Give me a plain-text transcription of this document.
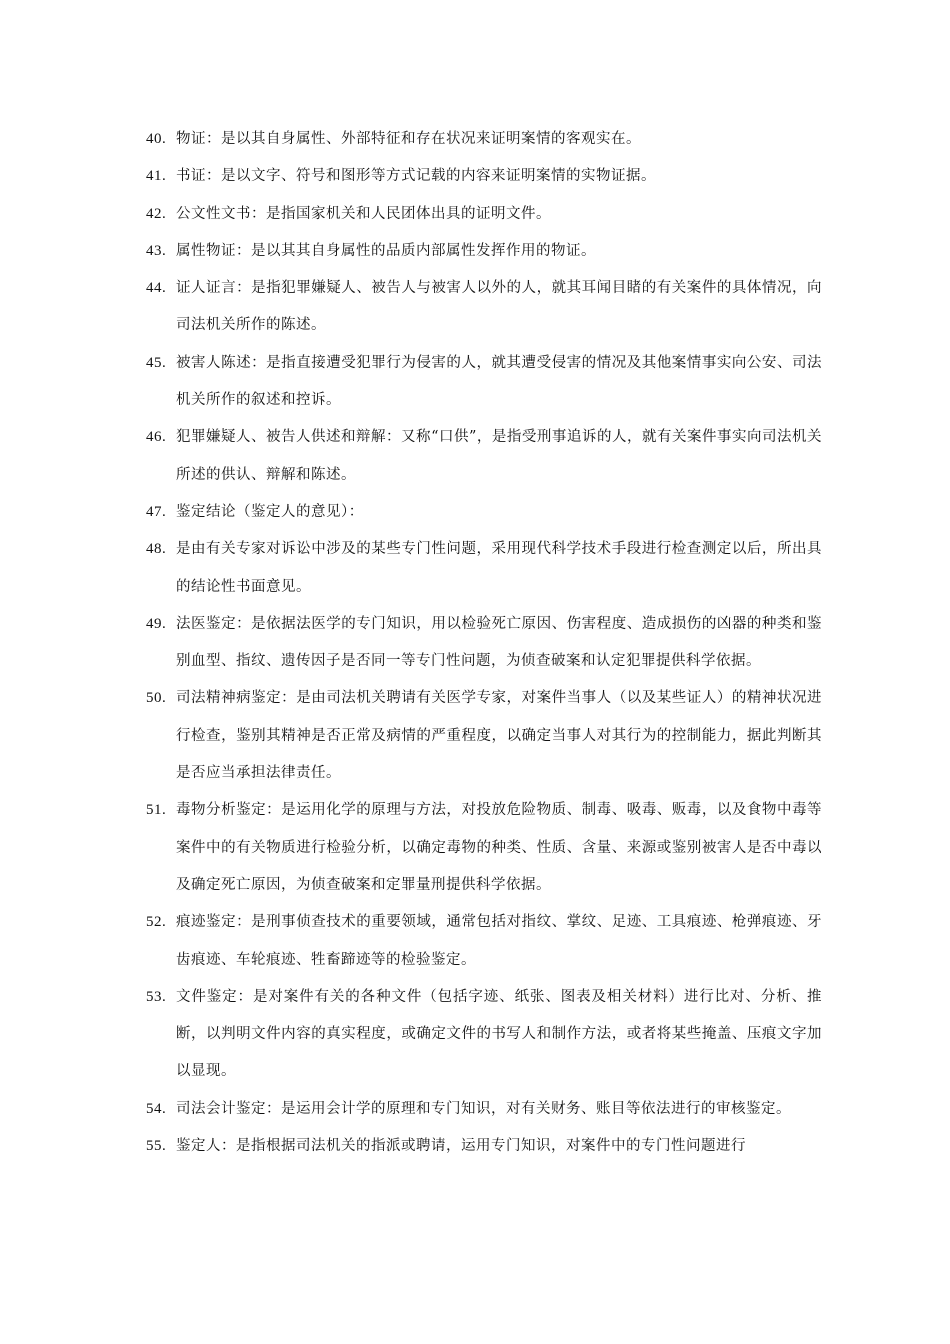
40. 物证：是以其自身属性、外部特征和存在状况来证明案情的客观实在。
41. 书证：是以文字、符号和图形等方式记载的内容来证明案情的实物证据。
42. 公文性文书：是指国家机关和人民团体出具的证明文件。
43. 属性物证：是以其其自身属性的品质内部属性发挥作用的物证。
44. 证人证言：是指犯罪嫌疑人、被告人与被害人以外的人，就其耳闻目睹的有关案件的具体情况，向司法机关所作的陈述。
45. 被害人陈述：是指直接遭受犯罪行为侵害的人，就其遭受侵害的情况及其他案情事实向公安、司法机关所作的叙述和控诉。
46. 犯罪嫌疑人、被告人供述和辩解：又称“口供”，是指受刑事追诉的人，就有关案件事实向司法机关所述的供认、辩解和陈述。
47. 鉴定结论（鉴定人的意见）：
48. 是由有关专家对诉讼中涉及的某些专门性问题，采用现代科学技术手段进行检查测定以后，所出具的结论性书面意见。
49. 法医鉴定：是依据法医学的专门知识，用以检验死亡原因、伤害程度、造成损伤的凶器的种类和鉴别血型、指纹、遗传因子是否同一等专门性问题，为侦查破案和认定犯罪提供科学依据。
50. 司法精神病鉴定：是由司法机关聘请有关医学专家，对案件当事人（以及某些证人）的精神状况进行检查，鉴别其精神是否正常及病情的严重程度，以确定当事人对其行为的控制能力，据此判断其是否应当承担法律责任。
51. 毒物分析鉴定：是运用化学的原理与方法，对投放危险物质、制毒、吸毒、贩毒，以及食物中毒等案件中的有关物质进行检验分析，以确定毒物的种类、性质、含量、来源或鉴别被害人是否中毒以及确定死亡原因，为侦查破案和定罪量刑提供科学依据。
52. 痕迹鉴定：是刑事侦查技术的重要领域，通常包括对指纹、掌纹、足迹、工具痕迹、枪弹痕迹、牙齿痕迹、车轮痕迹、牲畜蹄迹等的检验鉴定。
53. 文件鉴定：是对案件有关的各种文件（包括字迹、纸张、图表及相关材料）进行比对、分析、推断，以判明文件内容的真实程度，或确定文件的书写人和制作方法，或者将某些掩盖、压痕文字加以显现。
54. 司法会计鉴定：是运用会计学的原理和专门知识，对有关财务、账目等依法进行的审核鉴定。
55. 鉴定人：是指根据司法机关的指派或聘请，运用专门知识，对案件中的专门性问题进行
